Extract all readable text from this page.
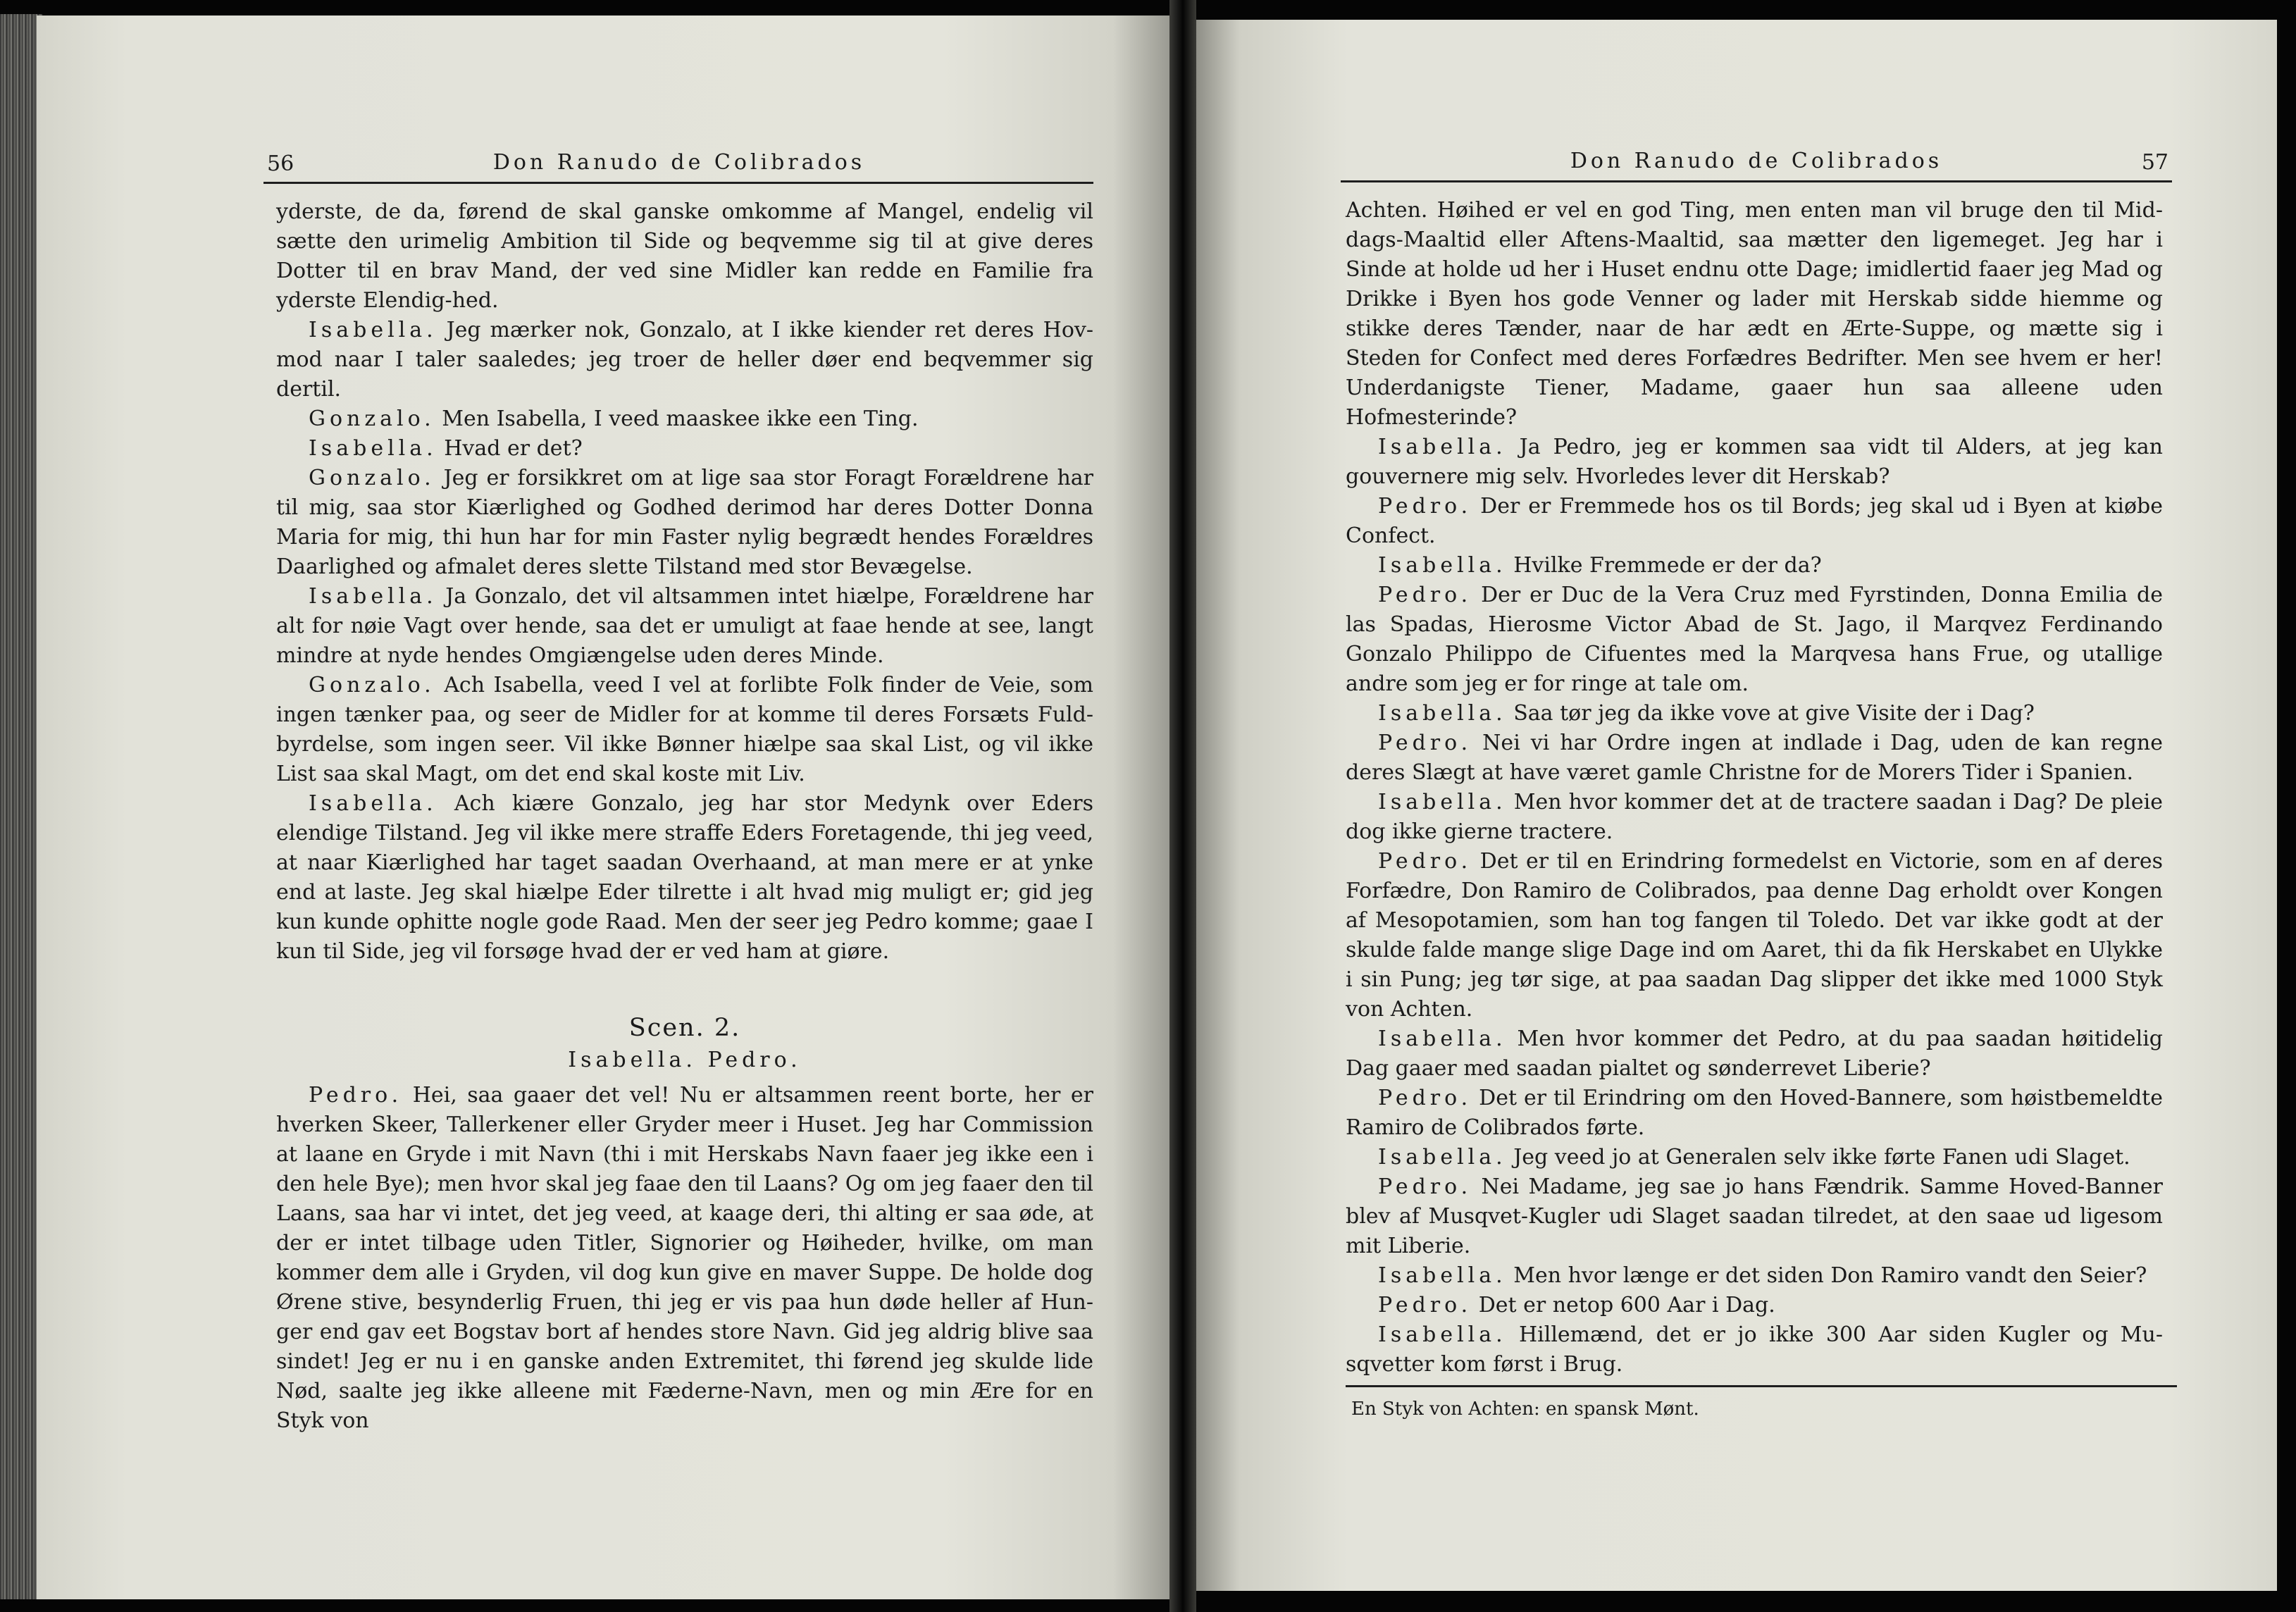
56	Don Ranudo de Colibrados

yderste, de da, førend de skal ganske omkomme af Mangel, endelig vil sætte den urimelig Ambition til Side og beqvemme sig til at give deres Dotter til en brav Mand, der ved sine Midler kan redde en Familie fra yderste Elendig-hed.

Isabella. Jeg mærker nok, Gonzalo, at I ikke kiender ret deres Hov-mod naar I taler saaledes; jeg troer de heller døer end beqvemmer sig dertil.

Gonzalo. Men Isabella, I veed maaskee ikke een Ting.

Isabella. Hvad er det?

Gonzalo. Jeg er forsikkret om at lige saa stor Foragt Forældrene har til mig, saa stor Kiærlighed og Godhed derimod har deres Dotter Donna Maria for mig, thi hun har for min Faster nylig begrædt hendes Forældres Daarlighed og afmalet deres slette Tilstand med stor Bevægelse.

Isabella. Ja Gonzalo, det vil altsammen intet hiælpe, Forældrene har alt for nøie Vagt over hende, saa det er umuligt at faae hende at see, langt mindre at nyde hendes Omgiængelse uden deres Minde.

Gonzalo. Ach Isabella, veed I vel at forlibte Folk finder de Veie, som ingen tænker paa, og seer de Midler for at komme til deres Forsæts Fuld-byrdelse, som ingen seer. Vil ikke Bønner hiælpe saa skal List, og vil ikke List saa skal Magt, om det end skal koste mit Liv.

Isabella. Ach kiære Gonzalo, jeg har stor Medynk over Eders elendige Tilstand. Jeg vil ikke mere straffe Eders Foretagende, thi jeg veed, at naar Kiærlighed har taget saadan Overhaand, at man mere er at ynke end at laste. Jeg skal hiælpe Eder tilrette i alt hvad mig muligt er; gid jeg kun kunde ophitte nogle gode Raad. Men der seer jeg Pedro komme; gaae I kun til Side, jeg vil forsøge hvad der er ved ham at giøre.

Scen. 2.

Isabella. Pedro.

Pedro. Hei, saa gaaer det vel! Nu er altsammen reent borte, her er hverken Skeer, Tallerkener eller Gryder meer i Huset. Jeg har Commission at laane en Gryde i mit Navn (thi i mit Herskabs Navn faaer jeg ikke een i den hele Bye); men hvor skal jeg faae den til Laans? Og om jeg faaer den til Laans, saa har vi intet, det jeg veed, at kaage deri, thi alting er saa øde, at der er intet tilbage uden Titler, Signorier og Høiheder, hvilke, om man kommer dem alle i Gryden, vil dog kun give en maver Suppe. De holde dog Ørene stive, besynderlig Fruen, thi jeg er vis paa hun døde heller af Hun-ger end gav eet Bogstav bort af hendes store Navn. Gid jeg aldrig blive saa sindet! Jeg er nu i en ganske anden Extremitet, thi førend jeg skulde lide Nød, saalte jeg ikke alleene mit Fæderne-Navn, men og min Ære for en Styk von

Don Ranudo de Colibrados	57

Achten. Høihed er vel en god Ting, men enten man vil bruge den til Mid-dags-Maaltid eller Aftens-Maaltid, saa mætter den ligemeget. Jeg har i Sinde at holde ud her i Huset endnu otte Dage; imidlertid faaer jeg Mad og Drikke i Byen hos gode Venner og lader mit Herskab sidde hiemme og stikke deres Tænder, naar de har ædt en Ærte-Suppe, og mætte sig i Steden for Confect med deres Forfædres Bedrifter. Men see hvem er her! Underdanigste Tiener, Madame, gaaer hun saa alleene uden Hofmesterinde?

Isabella. Ja Pedro, jeg er kommen saa vidt til Alders, at jeg kan gouvernere mig selv. Hvorledes lever dit Herskab?

Pedro. Der er Fremmede hos os til Bords; jeg skal ud i Byen at kiøbe Confect.

Isabella. Hvilke Fremmede er der da?

Pedro. Der er Duc de la Vera Cruz med Fyrstinden, Donna Emilia de las Spadas, Hierosme Victor Abad de St. Jago, il Marqvez Ferdinando Gonzalo Philippo de Cifuentes med la Marqvesa hans Frue, og utallige andre som jeg er for ringe at tale om.

Isabella. Saa tør jeg da ikke vove at give Visite der i Dag?

Pedro. Nei vi har Ordre ingen at indlade i Dag, uden de kan regne deres Slægt at have været gamle Christne for de Morers Tider i Spanien.

Isabella. Men hvor kommer det at de tractere saadan i Dag? De pleie dog ikke gierne tractere.

Pedro. Det er til en Erindring formedelst en Victorie, som en af deres Forfædre, Don Ramiro de Colibrados, paa denne Dag erholdt over Kongen af Mesopotamien, som han tog fangen til Toledo. Det var ikke godt at der skulde falde mange slige Dage ind om Aaret, thi da fik Herskabet en Ulykke i sin Pung; jeg tør sige, at paa saadan Dag slipper det ikke med 1000 Styk von Achten.

Isabella. Men hvor kommer det Pedro, at du paa saadan høitidelig Dag gaaer med saadan pialtet og sønderrevet Liberie?

Pedro. Det er til Erindring om den Hoved-Bannere, som høistbemeldte Ramiro de Colibrados førte.

Isabella. Jeg veed jo at Generalen selv ikke førte Fanen udi Slaget.

Pedro. Nei Madame, jeg sae jo hans Fændrik. Samme Hoved-Banner blev af Musqvet-Kugler udi Slaget saadan tilredet, at den saae ud ligesom mit Liberie.

Isabella. Men hvor længe er det siden Don Ramiro vandt den Seier?

Pedro. Det er netop 600 Aar i Dag.

Isabella. Hillemænd, det er jo ikke 300 Aar siden Kugler og Mu-sqvetter kom først i Brug.

En Styk von Achten: en spansk Mønt.
